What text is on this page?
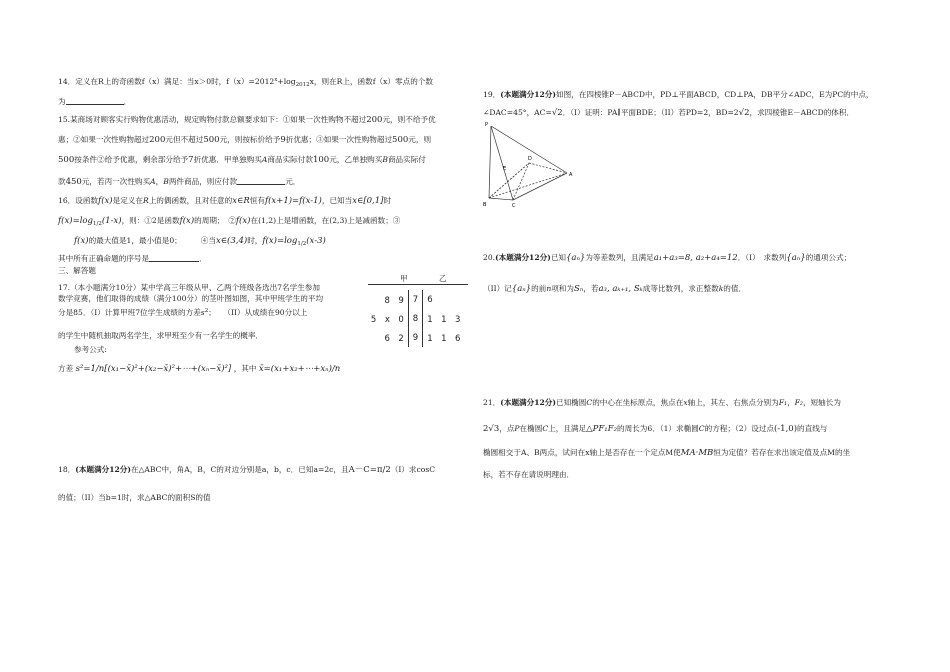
14．定义在R上的奇函数f（x）满足：当x＞0时，$f(x)=2012^x+\log_{2012}x$，则在R上，函数f（x）零点的个数
为	．
15.某商场对顾客实行购物优惠活动，规定购物付款总额要求如下：①如果一次性购物不超过200元，则不给予优
惠；②如果一次性购物超过200元但不超过500元，则按标价给予9折优惠；③如果一次性购物超过500元，则
500按条件②给予优惠，剩余部分给予7折优惠．甲单独购买A商品实际付款100元，乙单独购买B商品实际付
款450元，若丙一次性购买A，B两件商品，则应付款	元．
16．设函数f(x)是定义在R上的偶函数，且对任意的x∈R恒有f(x+1)=f(x-1)，已知当x∈[0,1]时
$f(x)=\log_{1/2}(1-x)$，则：①2是函数f(x)的周期；　 ②f(x)在(1,2)上是增函数，在(2,3)上是减函数；③
f(x)的最大值是1，最小值是0；　　　	④当x∈(3,4)时，$f(x)=\log_{1/2}(x-3)$
其中所有正确命题的序号是	．
三、解答题
17.（本小题满分10分）某中学高三年级从甲、乙两个班级各选出7名学生参加
数学竞赛，他们取得的成绩（满分100分）的茎叶图如图，其中甲班学生的平均
分是85．（I）计算甲班7位学生成绩的方差$s^2$；　　（II）从成绩在90分以上
的学生中随机抽取两名学生，求甲班至少有一名学生的概率．
参考公式:
方差 s²=1/n[(x₁−x̄)²+(x₂−x̄)²+⋯+(xₙ−x̄)²] ，其中 x̄=(x₁+x₂+⋯+xₙ)/n
甲	乙
8　9	7	6
5　x　0	8	1　1　3
6　2	9	1　1　6
18．(本题满分12分)在△ABC中，角A，B，C的对边分别是a，b，c．已知a=2c，且A－C=π/2（I）求cosC
的值；（II）当b=1时，求△ABC的面积S的值
19．(本题满分12分)如图，在四棱锥P－ABCD中，PD⊥平面ABCD，CD⊥PA，DB平分∠ADC，E为PC的中点，
∠DAC=45°，AC=√2．（I）证明：PA∥平面BDE；（II）若PD=2，BD=2√2，求四棱锥E－ABCD的体积．
P
A
B	C
D
E
20.(本题满分12分)已知{aₙ}为等差数列，且满足a₁+a₃=8, a₂+a₄=12．（I）　求数列{aₙ}的通项公式；
（II）记{aₙ}的前n项和为Sₙ，若a₃, aₖ₊₁, Sₖ成等比数列，求正整数k的值．
21．(本题满分12分)已知椭圆C的中心在坐标原点，焦点在x轴上，其左、右焦点分别为F₁，F₂，短轴长为
2√3，点P在椭圆C上，且满足△PF₁F₂的周长为6．（1）求椭圆C的方程；（2）设过点(-1,0)的直线与
椭圆相交于A、B两点，试问在x轴上是否存在一个定点M使MA·MB恒为定值？若存在求出该定值及点M的坐
标，若不存在请说明理由．
